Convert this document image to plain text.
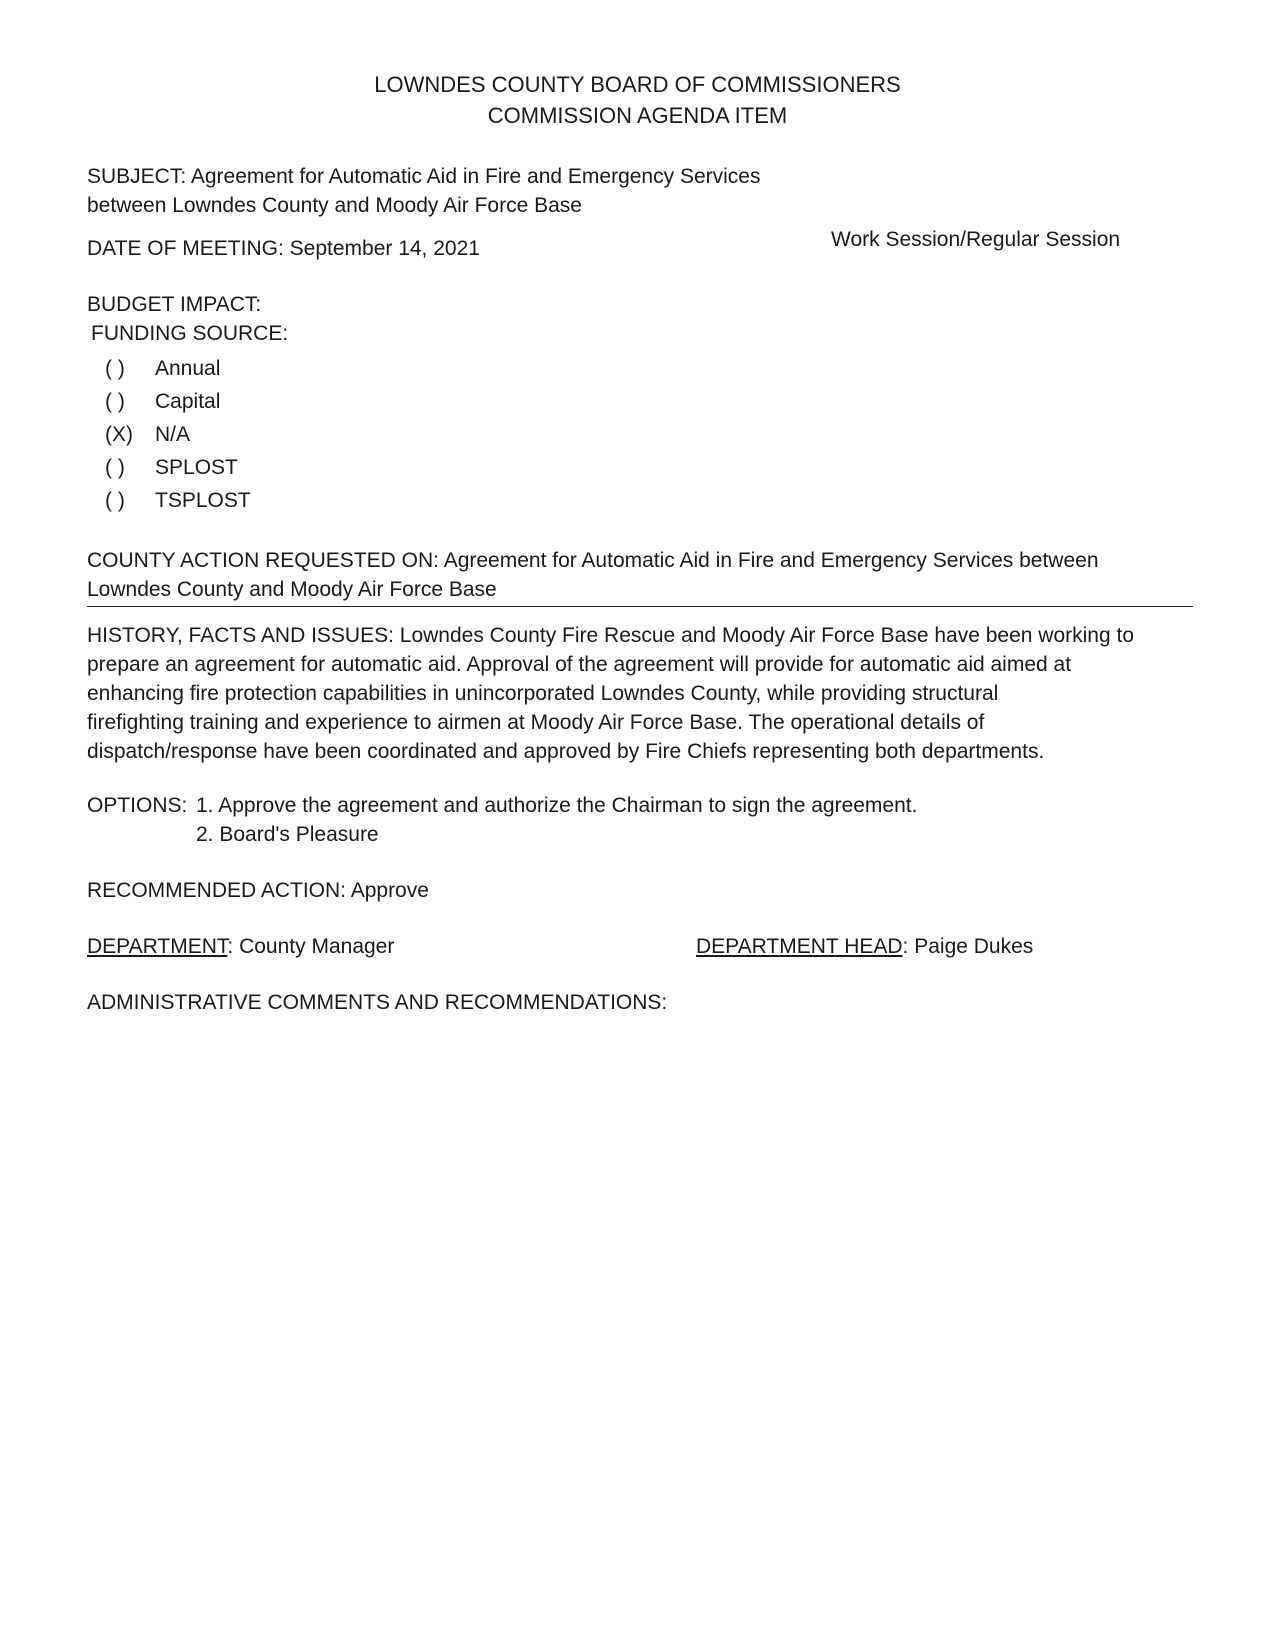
LOWNDES COUNTY BOARD OF COMMISSIONERS
COMMISSION AGENDA ITEM
SUBJECT: Agreement for Automatic Aid in Fire and Emergency Services
between Lowndes County and Moody Air Force Base
DATE OF MEETING: September 14, 2021	Work Session/Regular Session
BUDGET IMPACT:
FUNDING SOURCE:
( )	Annual
( )	Capital
(X)	N/A
( )	SPLOST
( )	TSPLOST
COUNTY ACTION REQUESTED ON: Agreement for Automatic Aid in Fire and Emergency Services between
Lowndes County and Moody Air Force Base
HISTORY, FACTS AND ISSUES: Lowndes County Fire Rescue and Moody Air Force Base have been working to
prepare an agreement for automatic aid. Approval of the agreement will provide for automatic aid aimed at
enhancing fire protection capabilities in unincorporated Lowndes County, while providing structural
firefighting training and experience to airmen at Moody Air Force Base. The operational details of
dispatch/response have been coordinated and approved by Fire Chiefs representing both departments.
OPTIONS: 1. Approve the agreement and authorize the Chairman to sign the agreement.
2. Board's Pleasure
RECOMMENDED ACTION: Approve
DEPARTMENT: County Manager	DEPARTMENT HEAD: Paige Dukes
ADMINISTRATIVE COMMENTS AND RECOMMENDATIONS:
